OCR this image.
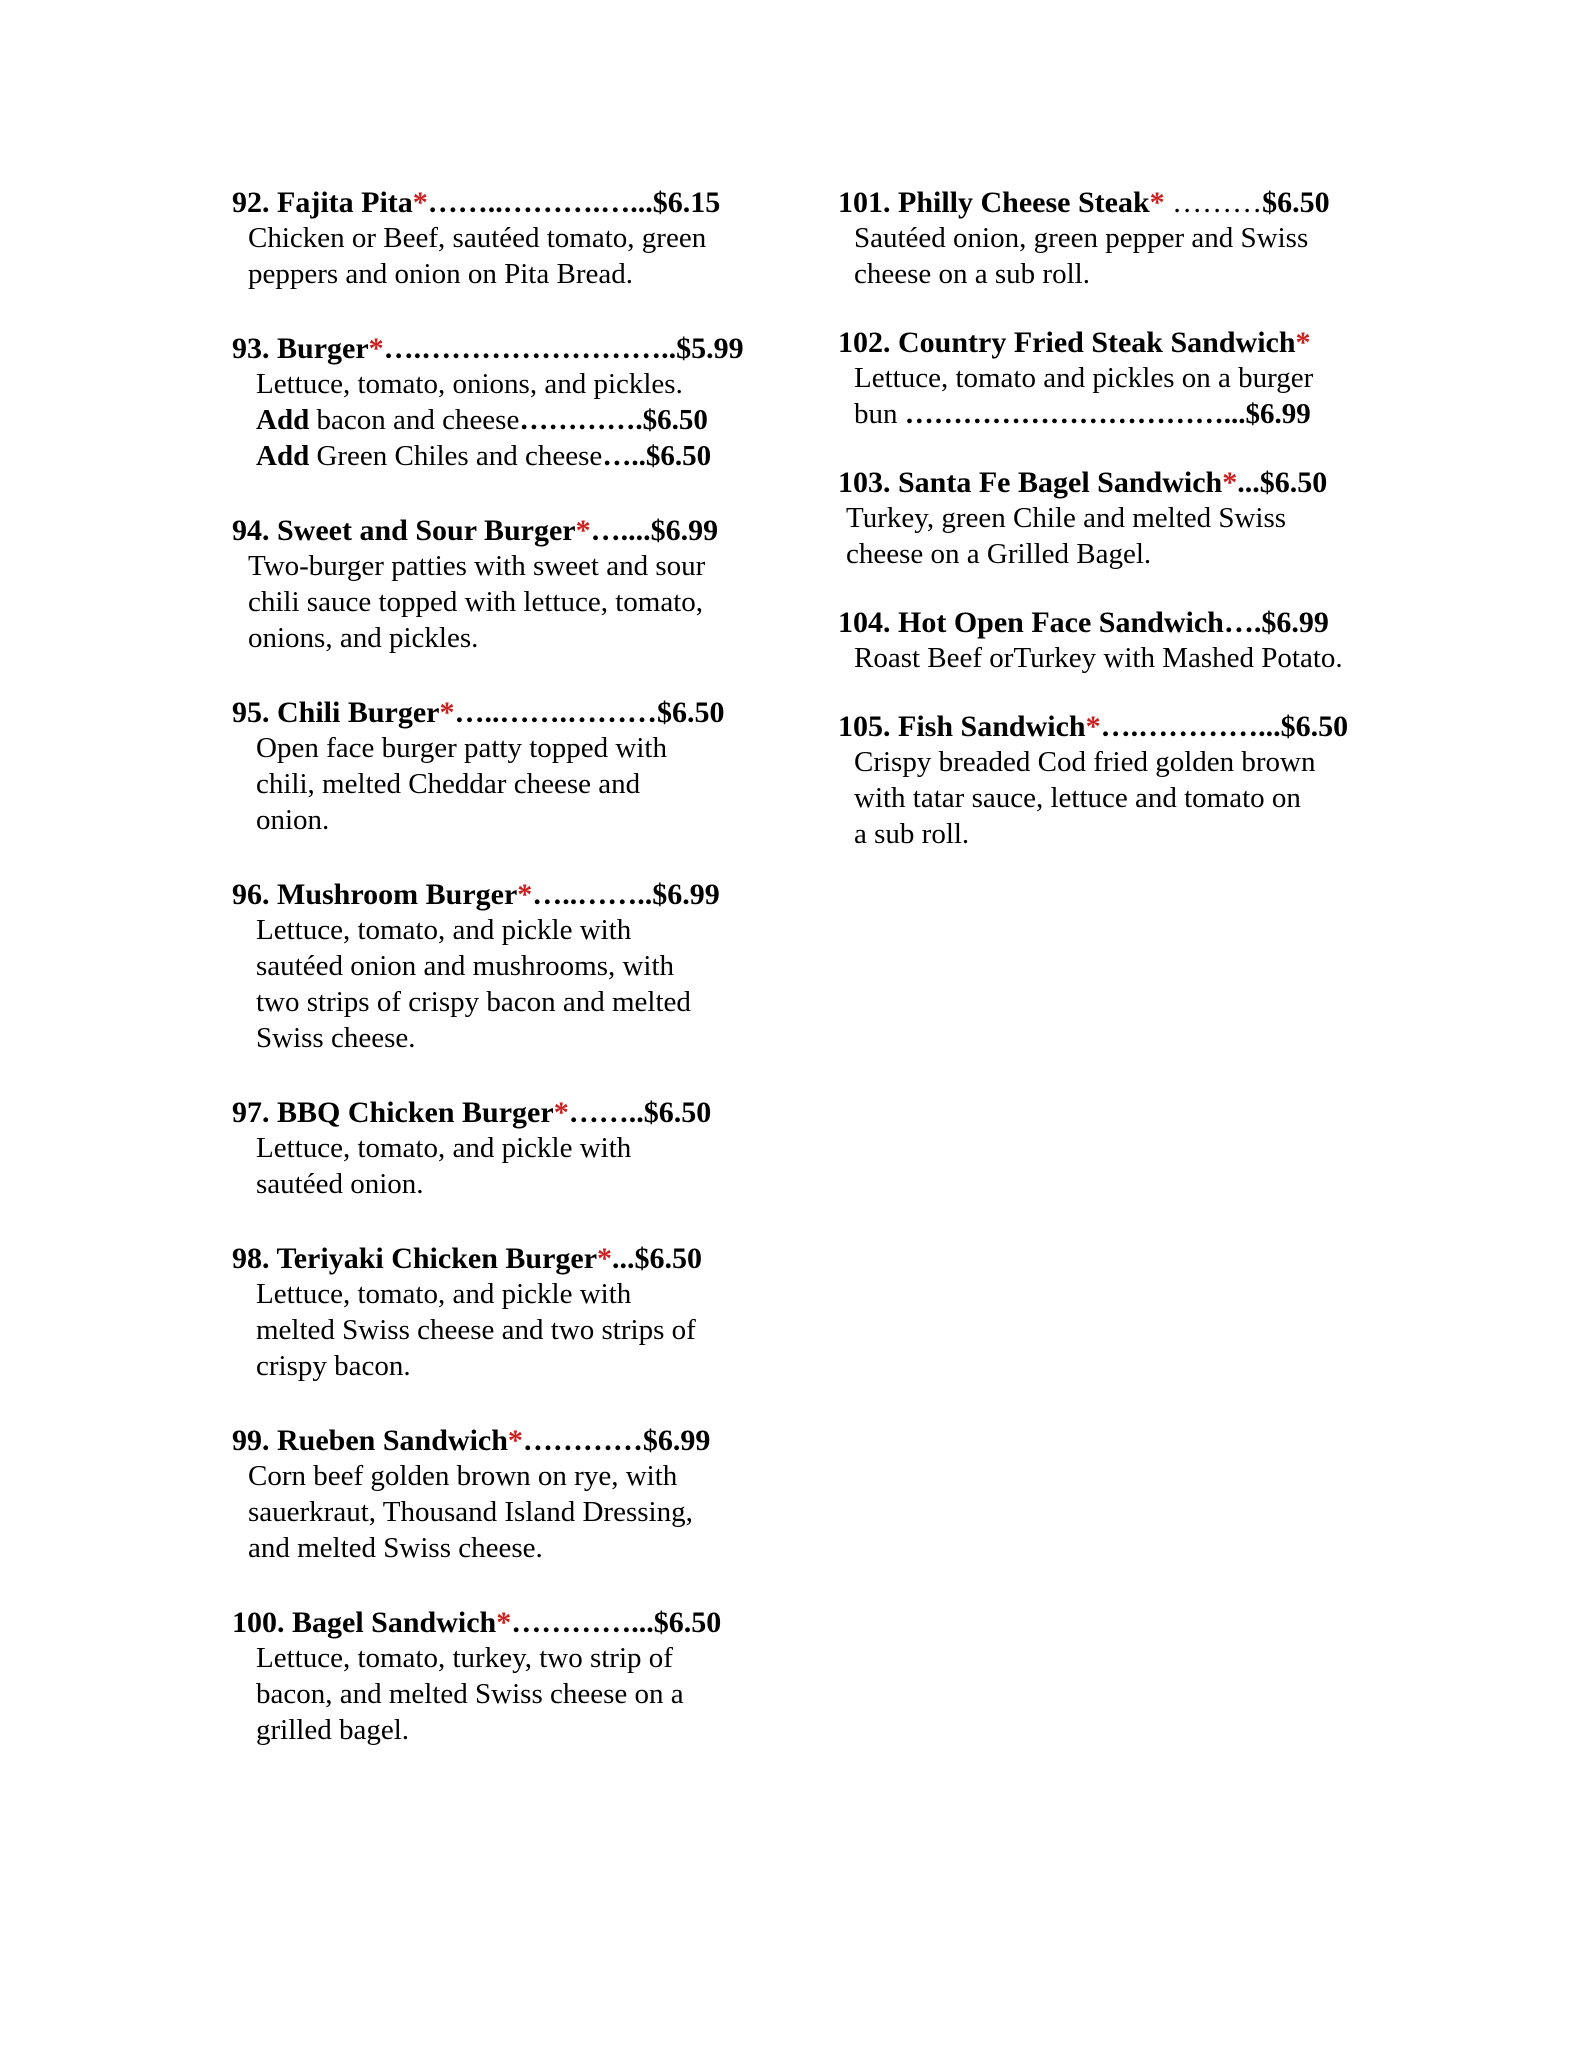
92. Fajita Pita*……..……….…...$6.15

Chicken or Beef, sautéed tomato, green

peppers and onion on Pita Bread.

93. Burger*….……………………..$5.99

Lettuce, tomato, onions, and pickles.

Add bacon and cheese………….$6.50

Add Green Chiles and cheese…..$6.50

94. Sweet and Sour Burger*…....$6.99

Two-burger patties with sweet and sour

chili sauce topped with lettuce, tomato,

onions, and pickles.

95. Chili Burger*…..…….………$6.50

Open face burger patty topped with

chili, melted Cheddar cheese and

onion.

96. Mushroom Burger*…..……..$6.99

Lettuce, tomato, and pickle with

sautéed onion and mushrooms, with

two strips of crispy bacon and melted

Swiss cheese.

97. BBQ Chicken Burger*……..$6.50

Lettuce, tomato, and pickle with

sautéed onion.

98. Teriyaki Chicken Burger*...$6.50

Lettuce, tomato, and pickle with

melted Swiss cheese and two strips of

crispy bacon.

99. Rueben Sandwich*…………$6.99

Corn beef golden brown on rye, with

sauerkraut, Thousand Island Dressing,

and melted Swiss cheese.

100. Bagel Sandwich*…………...$6.50

Lettuce, tomato, turkey, two strip of

bacon, and melted Swiss cheese on a

grilled bagel.

101. Philly Cheese Steak* ………$6.50

Sautéed onion, green pepper and Swiss

cheese on a sub roll.

102. Country Fried Steak Sandwich*

Lettuce, tomato and pickles on a burger

bun ……………………………...$6.99

103. Santa Fe Bagel Sandwich*...$6.50

Turkey, green Chile and melted Swiss

cheese on a Grilled Bagel.

104. Hot Open Face Sandwich….$6.99

Roast Beef orTurkey with Mashed Potato.

105. Fish Sandwich*….…………...$6.50

Crispy breaded Cod fried golden brown

with tatar sauce, lettuce and tomato on

a sub roll.
